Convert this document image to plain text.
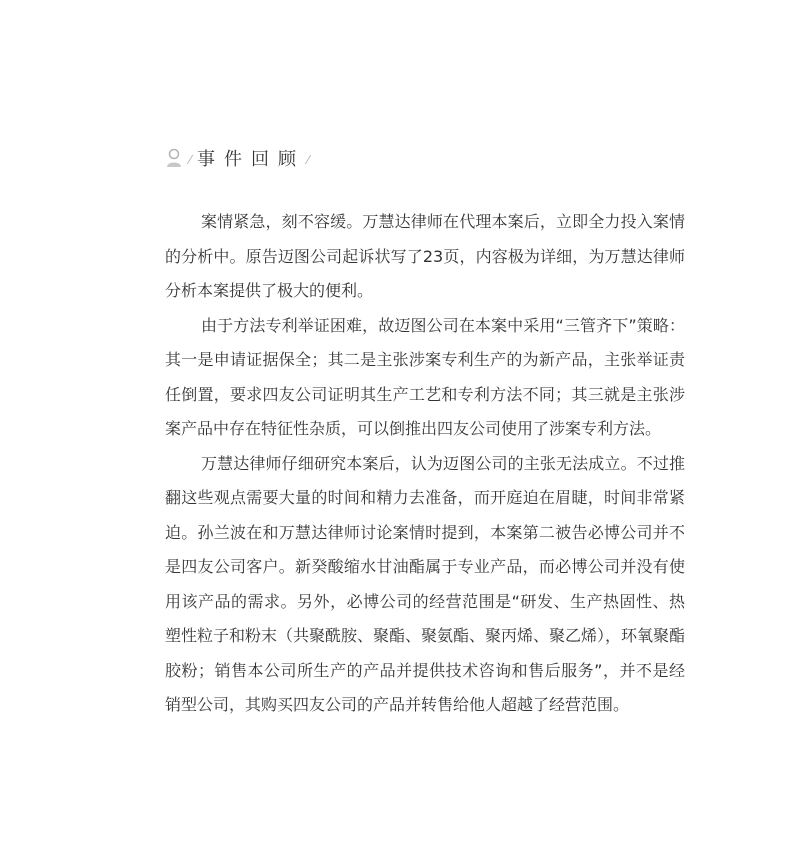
⁄ 事件回顾 ⁄

案情紧急，刻不容缓。万慧达律师在代理本案后，立即全力投入案情的分析中。原告迈图公司起诉状写了23页，内容极为详细，为万慧达律师分析本案提供了极大的便利。

由于方法专利举证困难，故迈图公司在本案中采用“三管齐下”策略：其一是申请证据保全；其二是主张涉案专利生产的为新产品，主张举证责任倒置，要求四友公司证明其生产工艺和专利方法不同；其三就是主张涉案产品中存在特征性杂质，可以倒推出四友公司使用了涉案专利方法。

万慧达律师仔细研究本案后，认为迈图公司的主张无法成立。不过推翻这些观点需要大量的时间和精力去准备，而开庭迫在眉睫，时间非常紧迫。孙兰波在和万慧达律师讨论案情时提到，本案第二被告必博公司并不是四友公司客户。新癸酸缩水甘油酯属于专业产品，而必博公司并没有使用该产品的需求。另外，必博公司的经营范围是“研发、生产热固性、热塑性粒子和粉末（共聚酰胺、聚酯、聚氨酯、聚丙烯、聚乙烯），环氧聚酯胶粉；销售本公司所生产的产品并提供技术咨询和售后服务”，并不是经销型公司，其购买四友公司的产品并转售给他人超越了经营范围。
